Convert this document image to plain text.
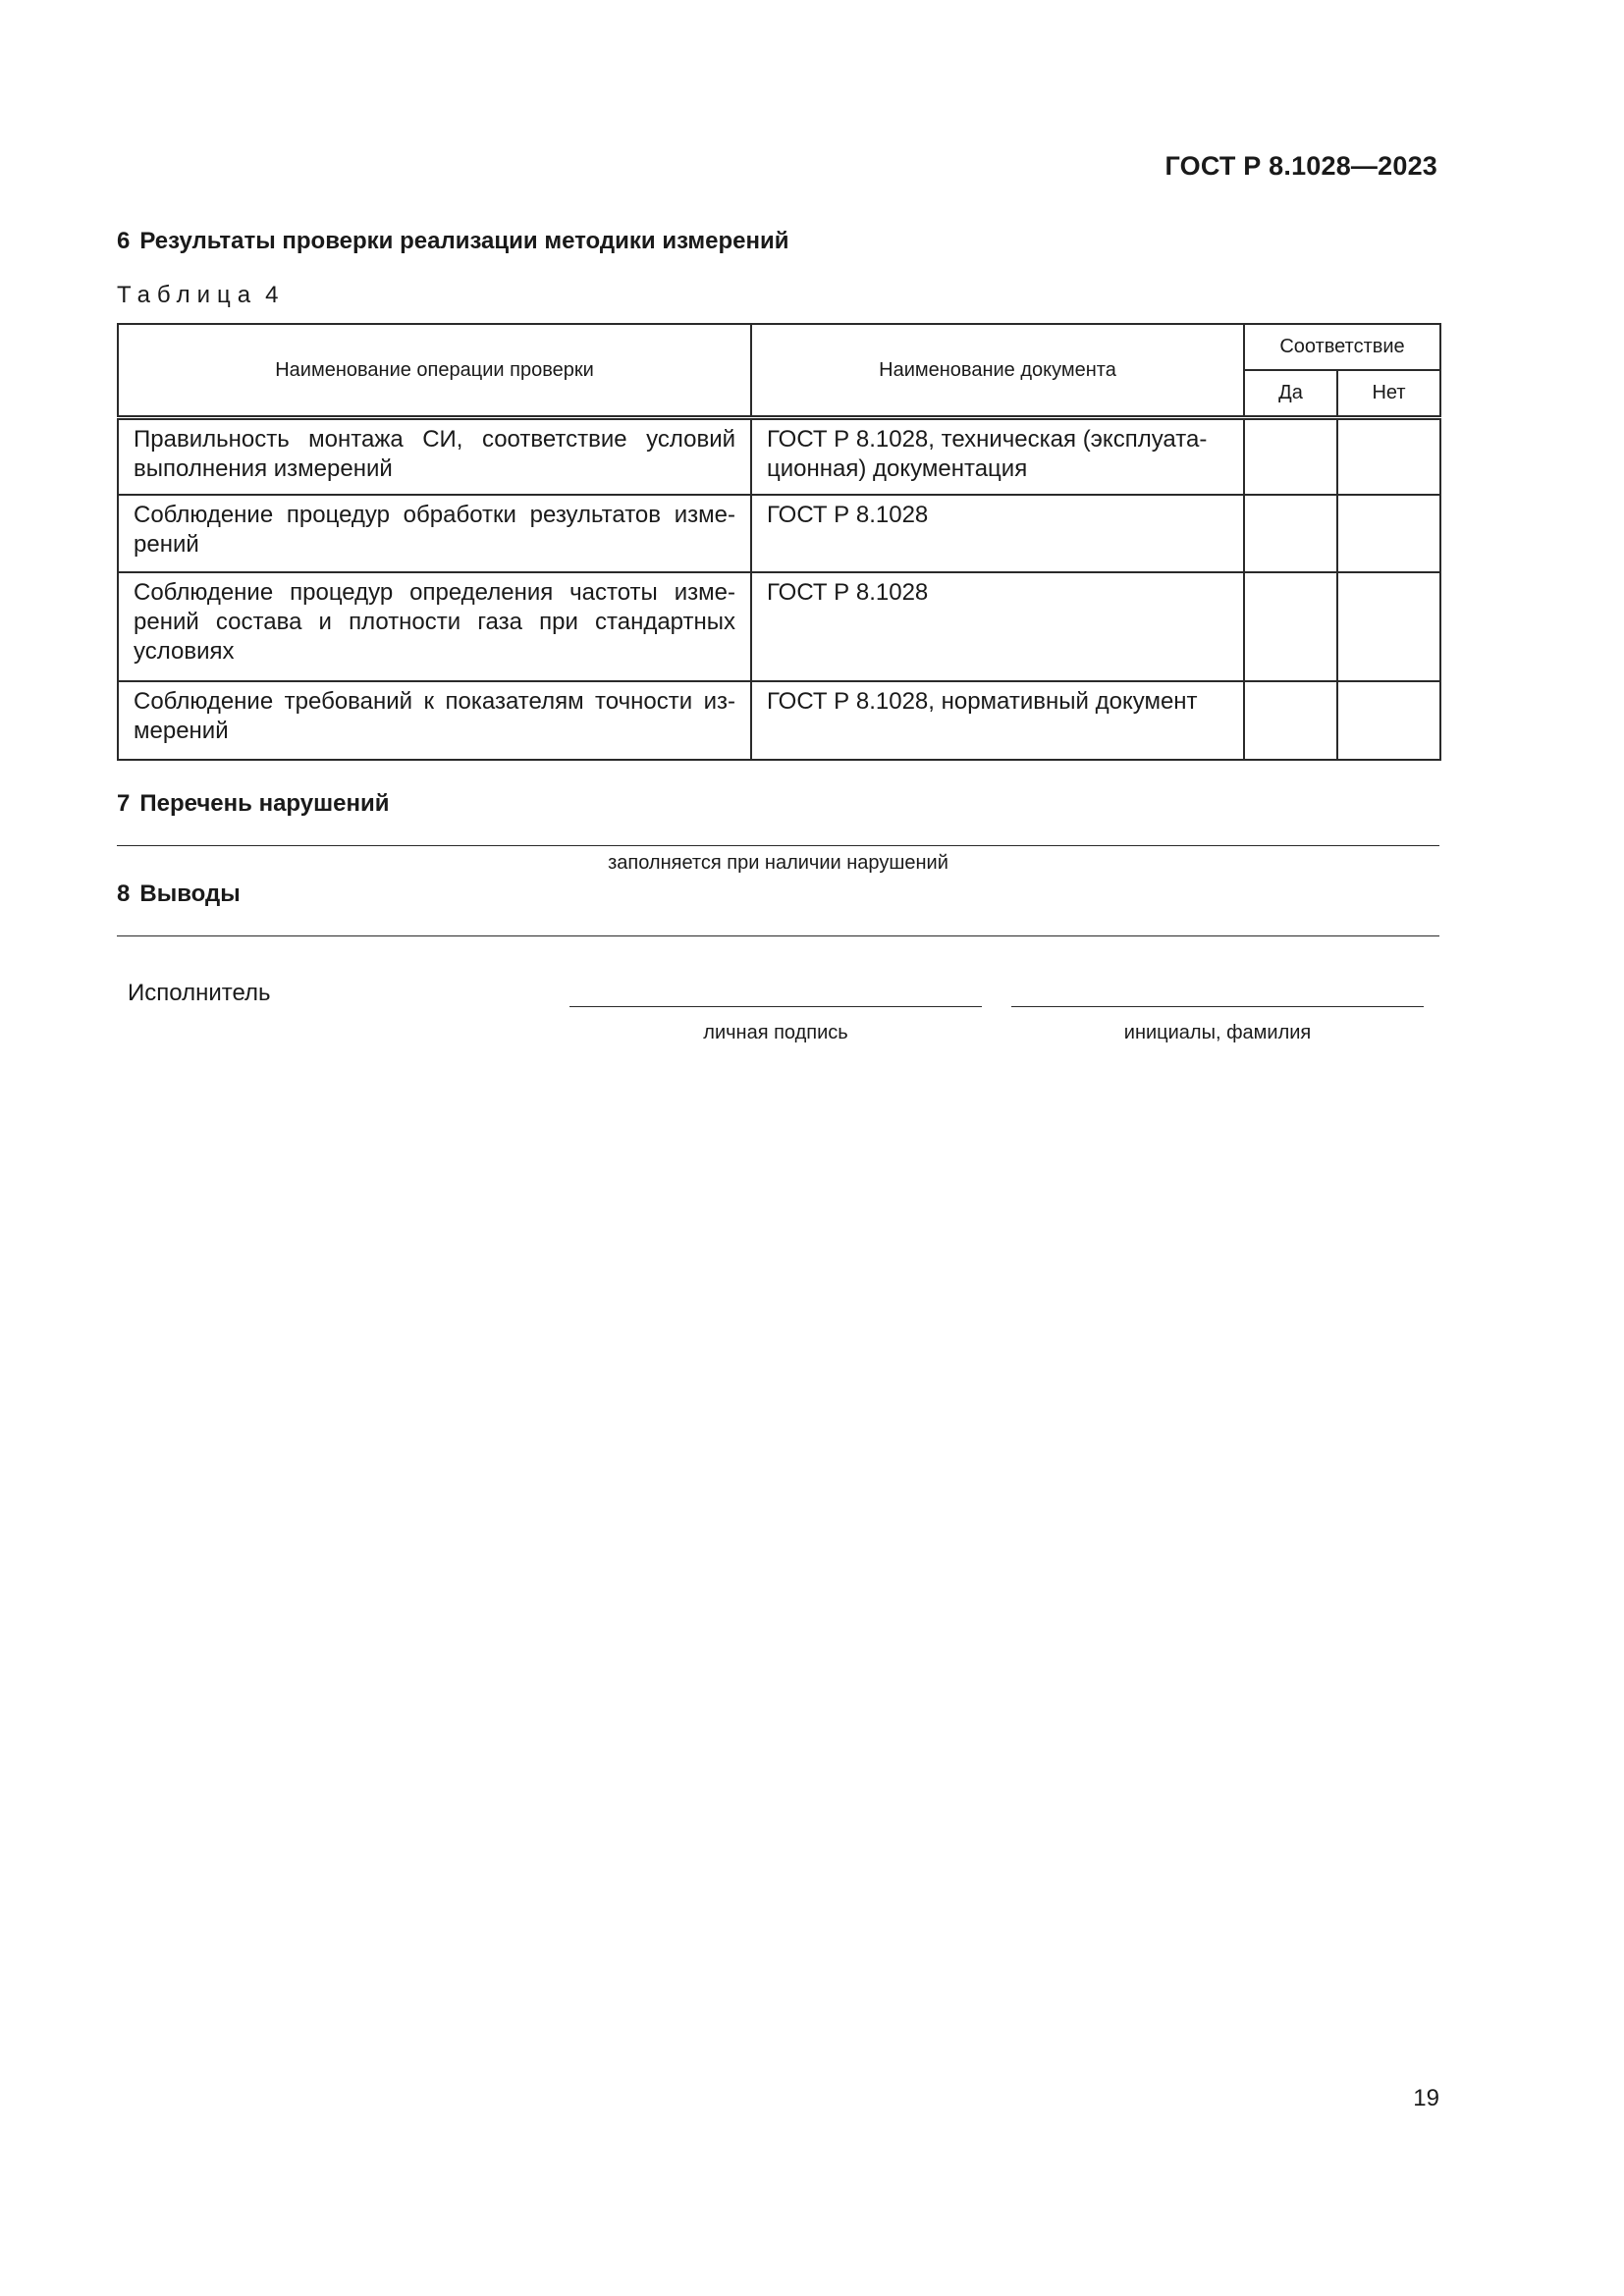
ГОСТ Р 8.1028—2023
6 Результаты проверки реализации методики измерений
Таблица 4
Наименование операции проверки	Наименование документа	Соответствие	
		Да	Нет
Правильность монтажа СИ, соответствие условий выполнения измерений	ГОСТ Р 8.1028, техническая (эксплуата-ционная) документация		
Соблюдение процедур обработки результатов изме-рений	ГОСТ Р 8.1028		
Соблюдение процедур определения частоты изме-рений состава и плотности газа при стандартных условиях	ГОСТ Р 8.1028		
Соблюдение требований к показателям точности из-мерений	ГОСТ Р 8.1028, нормативный документ		
7 Перечень нарушений
заполняется при наличии нарушений
8 Выводы
Исполнитель
личная подпись	инициалы, фамилия
19
